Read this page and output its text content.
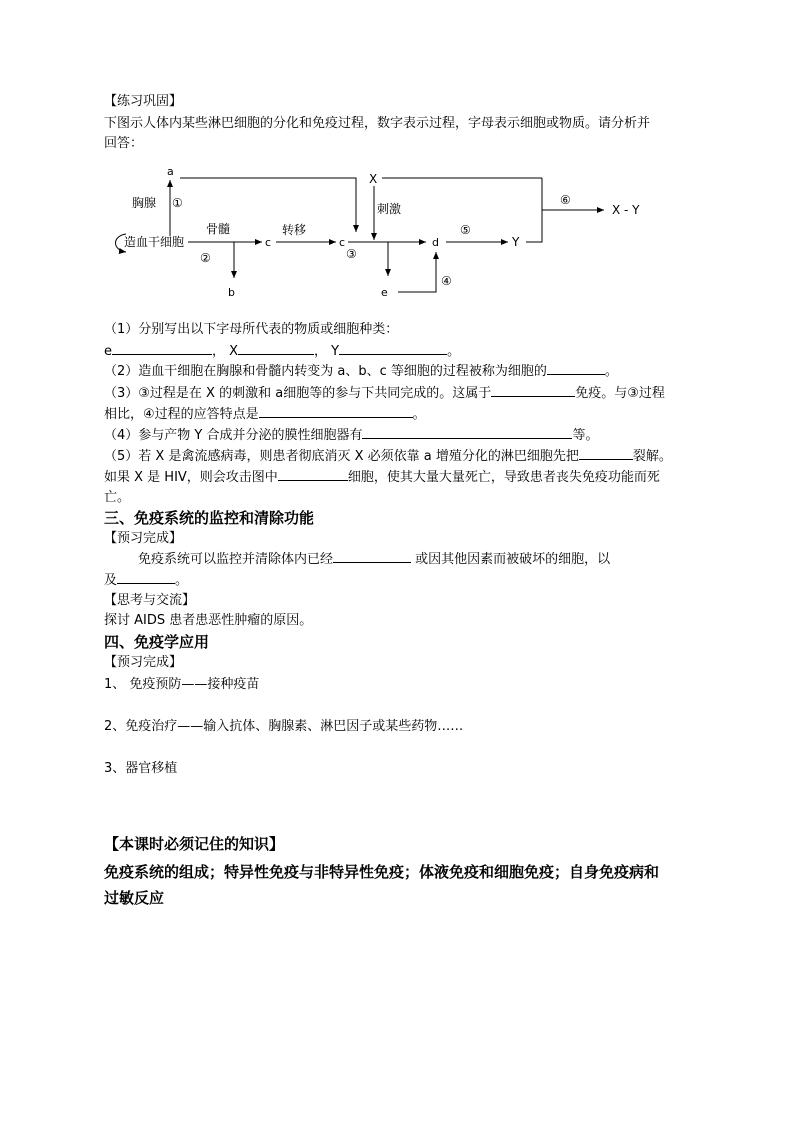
【练习巩固】
下图示人体内某些淋巴细胞的分化和免疫过程，数字表示过程，字母表示细胞或物质。请分析并
回答：
a
胸腺 ①
造血干细胞
骨髓
②
b
c
转移
c
③
X
刺激
e
d
④
⑤
Y
⑥
X - Y
（1）分别写出以下字母所代表的物质或细胞种类：
e	， X	， Y	。
（2）造血干细胞在胸腺和骨髓内转变为 a、b、c 等细胞的过程被称为细胞的	。
（3）③过程是在 X 的刺激和 a细胞等的参与下共同完成的。这属于	免疫。与③过程
相比，④过程的应答特点是	。
（4）参与产物 Y 合成并分泌的膜性细胞器有	等。
（5）若 X 是禽流感病毒，则患者彻底消灭 X 必须依靠 a 增殖分化的淋巴细胞先把	裂解。
如果 X 是 HIV，则会攻击图中	细胞，使其大量大量死亡，导致患者丧失免疫功能而死
亡。
三、免疫系统的监控和清除功能
【预习完成】
免疫系统可以监控并清除体内已经	或因其他因素而被破坏的细胞，以
及	。
【思考与交流】
探讨 AIDS 患者患恶性肿瘤的原因。
四、免疫学应用
【预习完成】
1、 免疫预防——接种疫苗
2、免疫治疗——输入抗体、胸腺素、淋巴因子或某些药物……
3、器官移植
【本课时必须记住的知识】
免疫系统的组成；特异性免疫与非特异性免疫；体液免疫和细胞免疫；自身免疫病和
过敏反应
